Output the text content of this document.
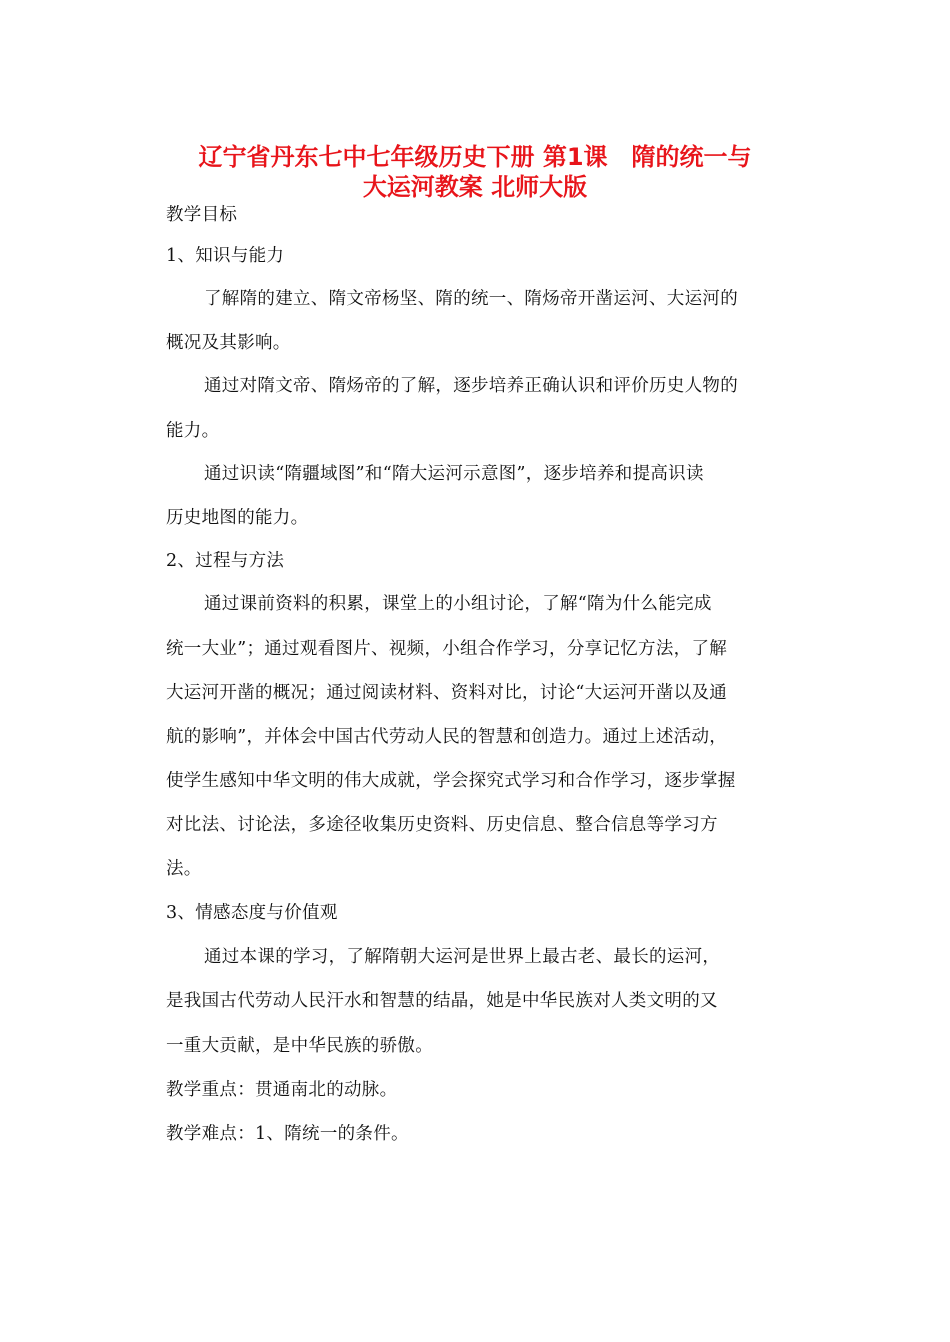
辽宁省丹东七中七年级历史下册 第1课　隋的统一与
大运河教案 北师大版
教学目标
1、知识与能力
了解隋的建立、隋文帝杨坚、隋的统一、隋炀帝开凿运河、大运河的
概况及其影响。
通过对隋文帝、隋炀帝的了解，逐步培养正确认识和评价历史人物的
能力。
通过识读“隋疆域图”和“隋大运河示意图”，逐步培养和提高识读
历史地图的能力。
2、过程与方法
通过课前资料的积累，课堂上的小组讨论，了解“隋为什么能完成
统一大业”；通过观看图片、视频，小组合作学习，分享记忆方法，了解
大运河开凿的概况；通过阅读材料、资料对比，讨论“大运河开凿以及通
航的影响”，并体会中国古代劳动人民的智慧和创造力。通过上述活动，
使学生感知中华文明的伟大成就，学会探究式学习和合作学习，逐步掌握
对比法、讨论法，多途径收集历史资料、历史信息、整合信息等学习方
法。
3、情感态度与价值观
通过本课的学习，了解隋朝大运河是世界上最古老、最长的运河，
是我国古代劳动人民汗水和智慧的结晶，她是中华民族对人类文明的又
一重大贡献，是中华民族的骄傲。
教学重点：贯通南北的动脉。
教学难点：1、隋统一的条件。
